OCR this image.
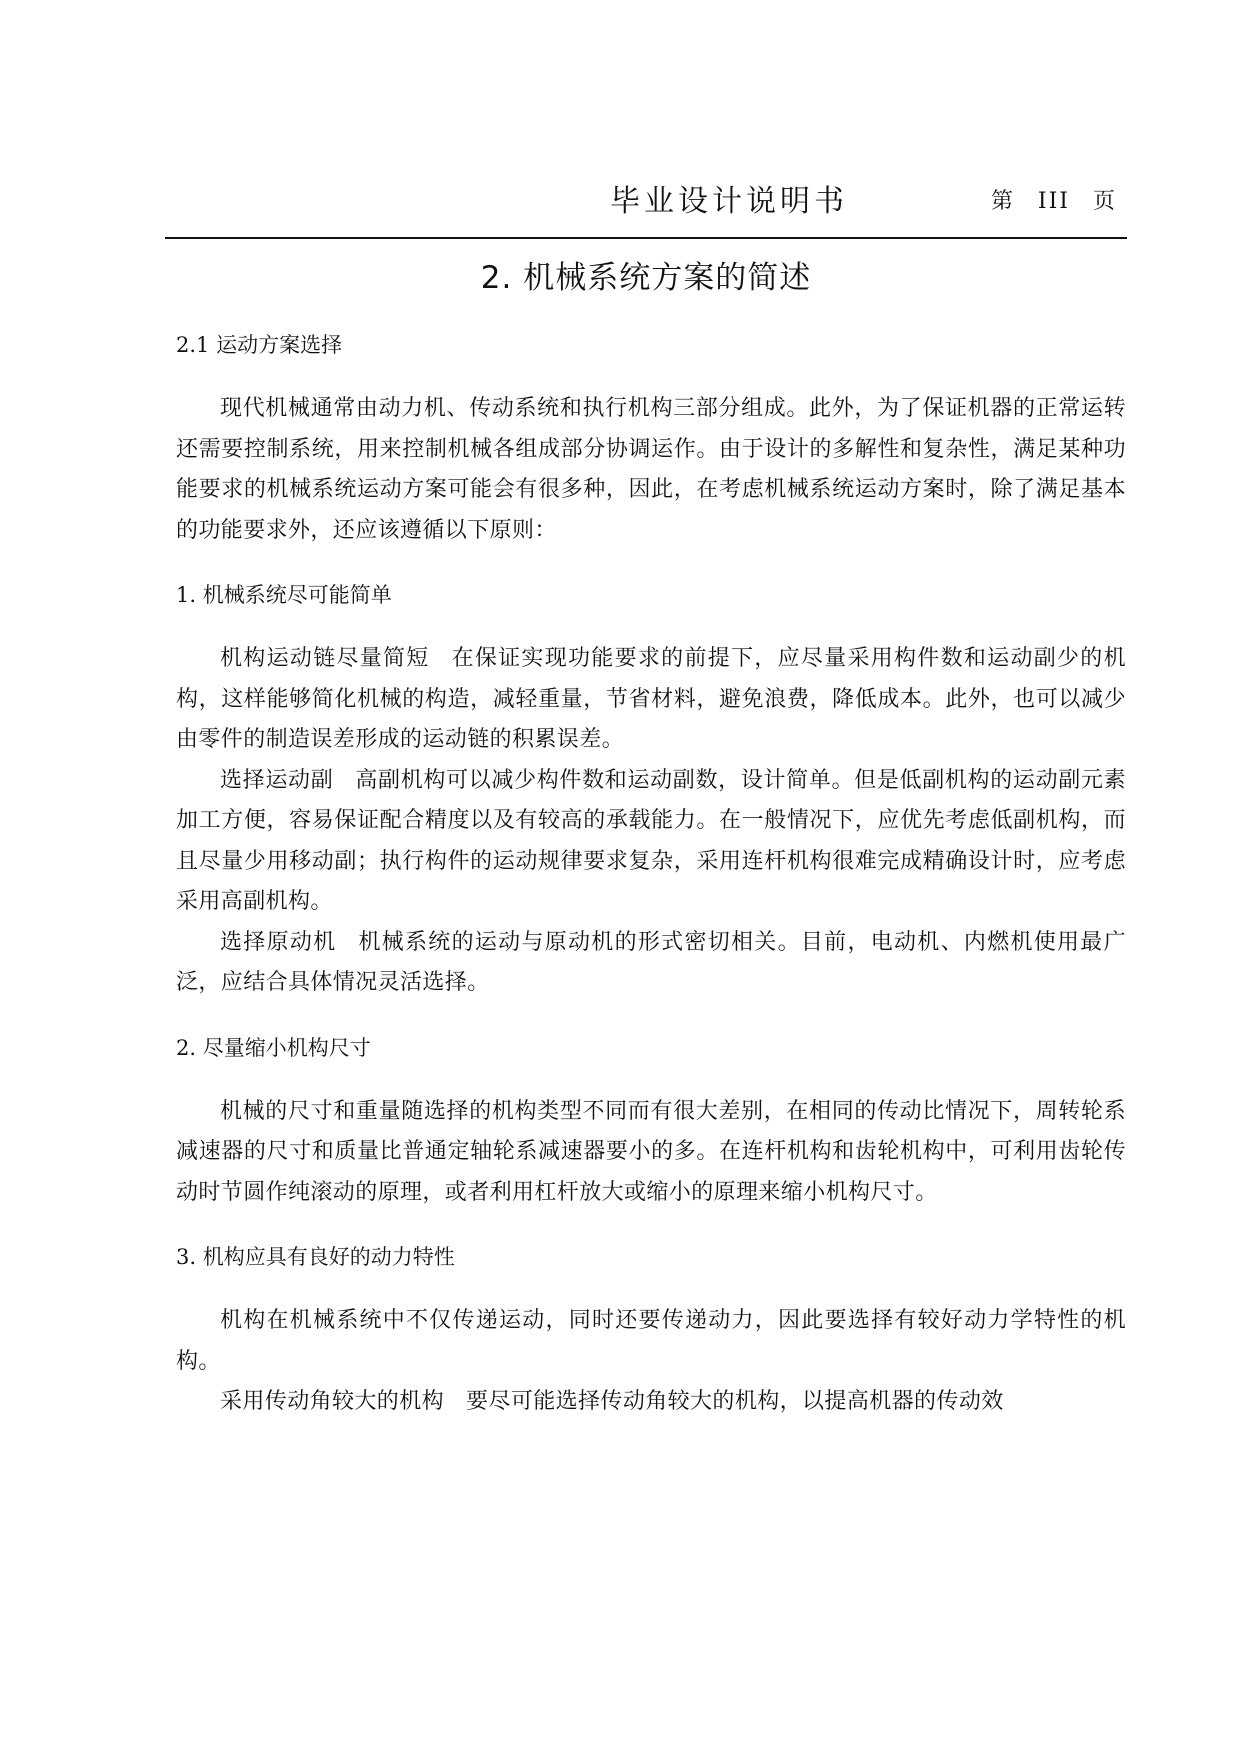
毕业设计说明书	第 III 页
2. 机械系统方案的简述

2.1 运动方案选择

现代机械通常由动力机、传动系统和执行机构三部分组成。此外，为了保证机器的正常运转还需要控制系统，用来控制机械各组成部分协调运作。由于设计的多解性和复杂性，满足某种功能要求的机械系统运动方案可能会有很多种，因此，在考虑机械系统运动方案时，除了满足基本的功能要求外，还应该遵循以下原则：

1. 机械系统尽可能简单

机构运动链尽量简短 在保证实现功能要求的前提下，应尽量采用构件数和运动副少的机构，这样能够简化机械的构造，减轻重量，节省材料，避免浪费，降低成本。此外，也可以减少由零件的制造误差形成的运动链的积累误差。

选择运动副 高副机构可以减少构件数和运动副数，设计简单。但是低副机构的运动副元素加工方便，容易保证配合精度以及有较高的承载能力。在一般情况下，应优先考虑低副机构，而且尽量少用移动副；执行构件的运动规律要求复杂，采用连杆机构很难完成精确设计时，应考虑采用高副机构。

选择原动机 机械系统的运动与原动机的形式密切相关。目前，电动机、内燃机使用最广泛，应结合具体情况灵活选择。

2. 尽量缩小机构尺寸

机械的尺寸和重量随选择的机构类型不同而有很大差别，在相同的传动比情况下，周转轮系减速器的尺寸和质量比普通定轴轮系减速器要小的多。在连杆机构和齿轮机构中，可利用齿轮传动时节圆作纯滚动的原理，或者利用杠杆放大或缩小的原理来缩小机构尺寸。

3. 机构应具有良好的动力特性

机构在机械系统中不仅传递运动，同时还要传递动力，因此要选择有较好动力学特性的机构。

采用传动角较大的机构 要尽可能选择传动角较大的机构，以提高机器的传动效
